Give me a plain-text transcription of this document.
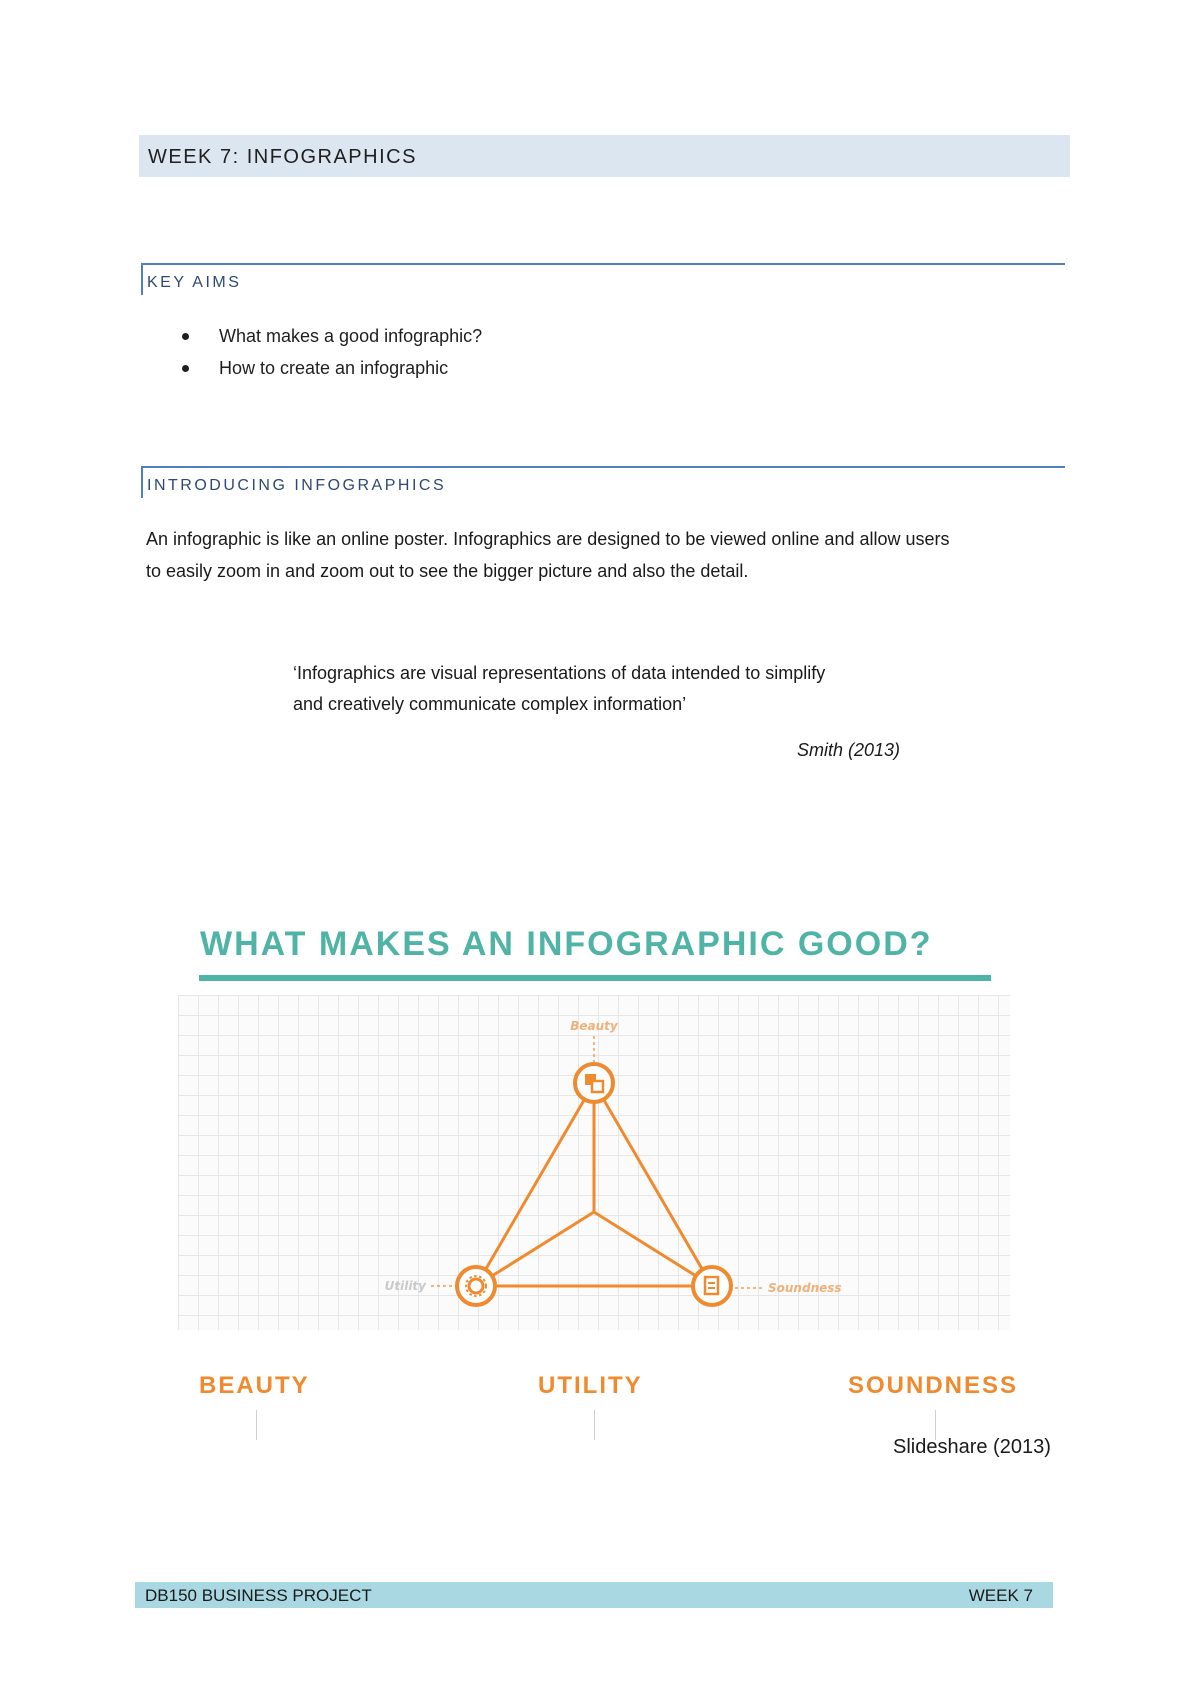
WEEK 7: INFOGRAPHICS
KEY AIMS
What makes a good infographic?
How to create an infographic
INTRODUCING INFOGRAPHICS
An infographic is like an online poster. Infographics are designed to be viewed online and allow users
to easily zoom in and zoom out to see the bigger picture and also the detail.
‘Infographics are visual representations of data intended to simplify
and creatively communicate complex information’
Smith (2013)
WHAT MAKES AN INFOGRAPHIC GOOD?
Beauty
Utility	Soundness
BEAUTY	UTILITY	SOUNDNESS
Slideshare (2013)
DB150 BUSINESS PROJECT	WEEK 7
